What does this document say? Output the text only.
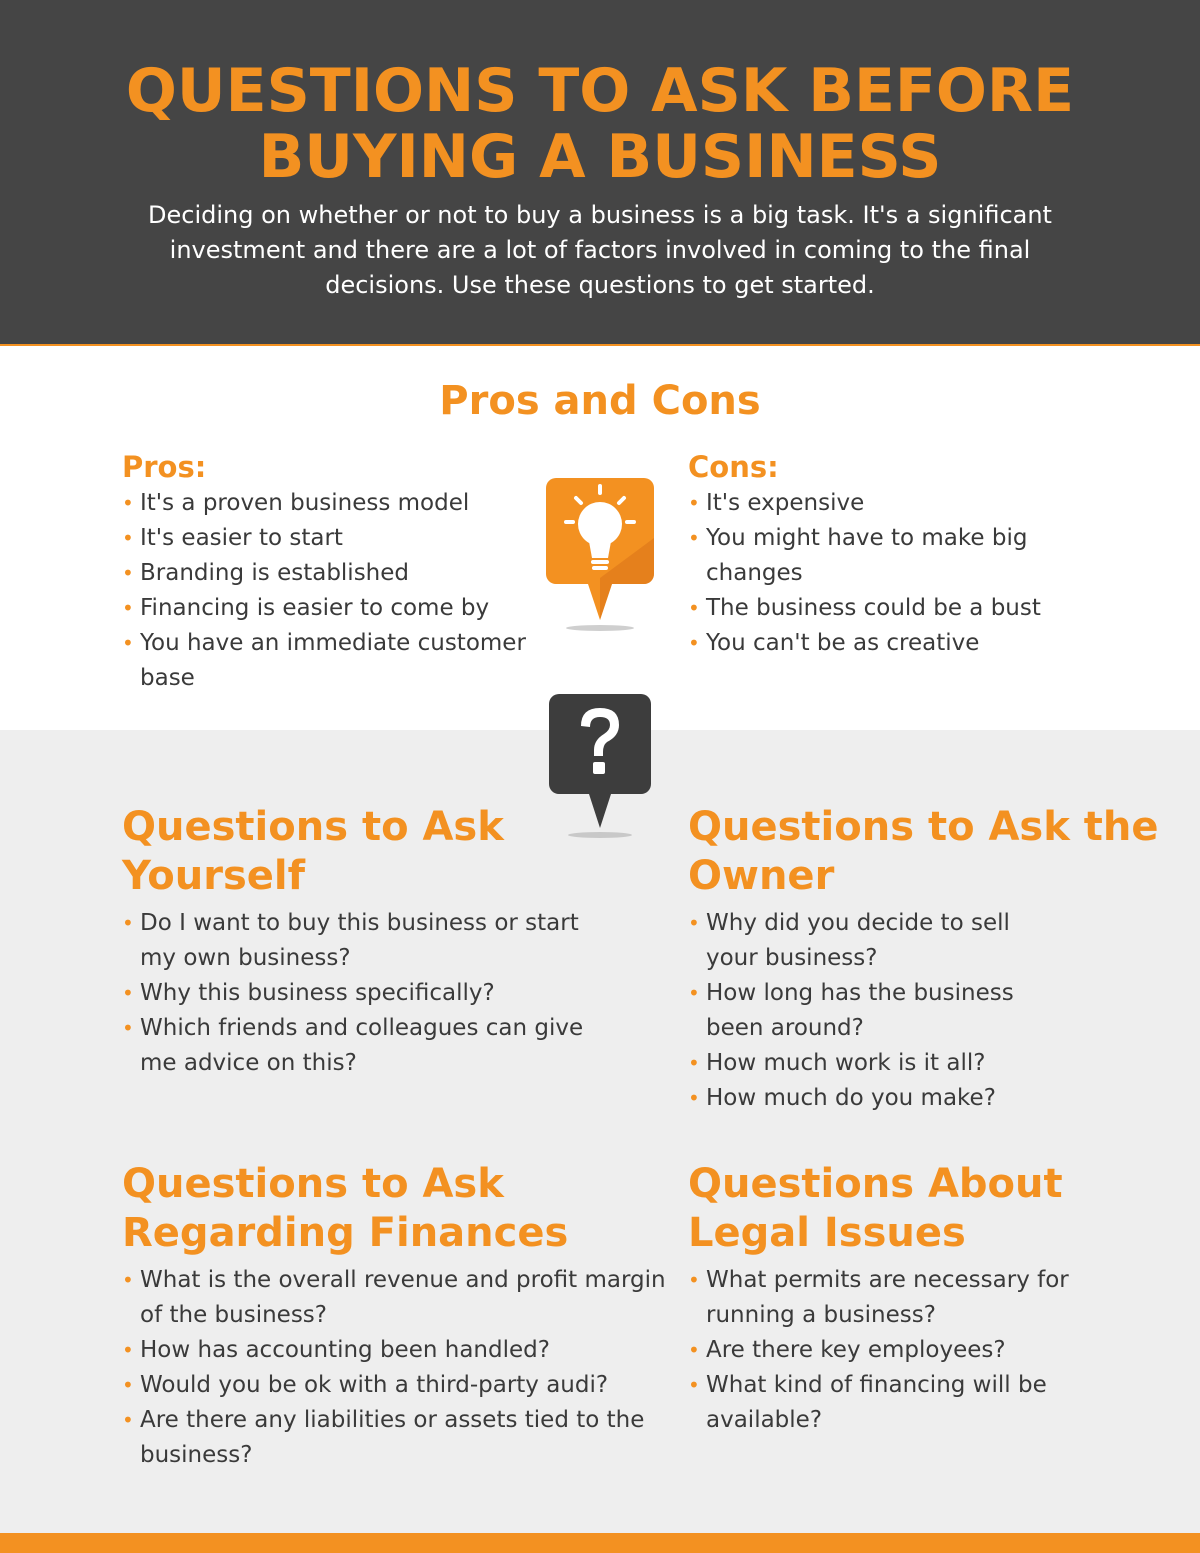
QUESTIONS TO ASK BEFORE BUYING A BUSINESS

Deciding on whether or not to buy a business is a big task. It's a significant investment and there are a lot of factors involved in coming to the final decisions. Use these questions to get started.

Pros and Cons
Pros:
• It's a proven business model
• It's easier to start
• Branding is established
• Financing is easier to come by
• You have an immediate customer base
Cons:
• It's expensive
• You might have to make big changes
• The business could be a bust
• You can't be as creative
Questions to Ask Yourself
• Do I want to buy this business or start my own business?
• Why this business specifically?
• Which friends and colleagues can give me advice on this?
Questions to Ask the Owner
• Why did you decide to sell your business?
• How long has the business been around?
• How much work is it all?
• How much do you make?
Questions to Ask Regarding Finances
• What is the overall revenue and profit margin of the business?
• How has accounting been handled?
• Would you be ok with a third-party audi?
• Are there any liabilities or assets tied to the business?
Questions About Legal Issues
• What permits are necessary for running a business?
• Are there key employees?
• What kind of financing will be available?
